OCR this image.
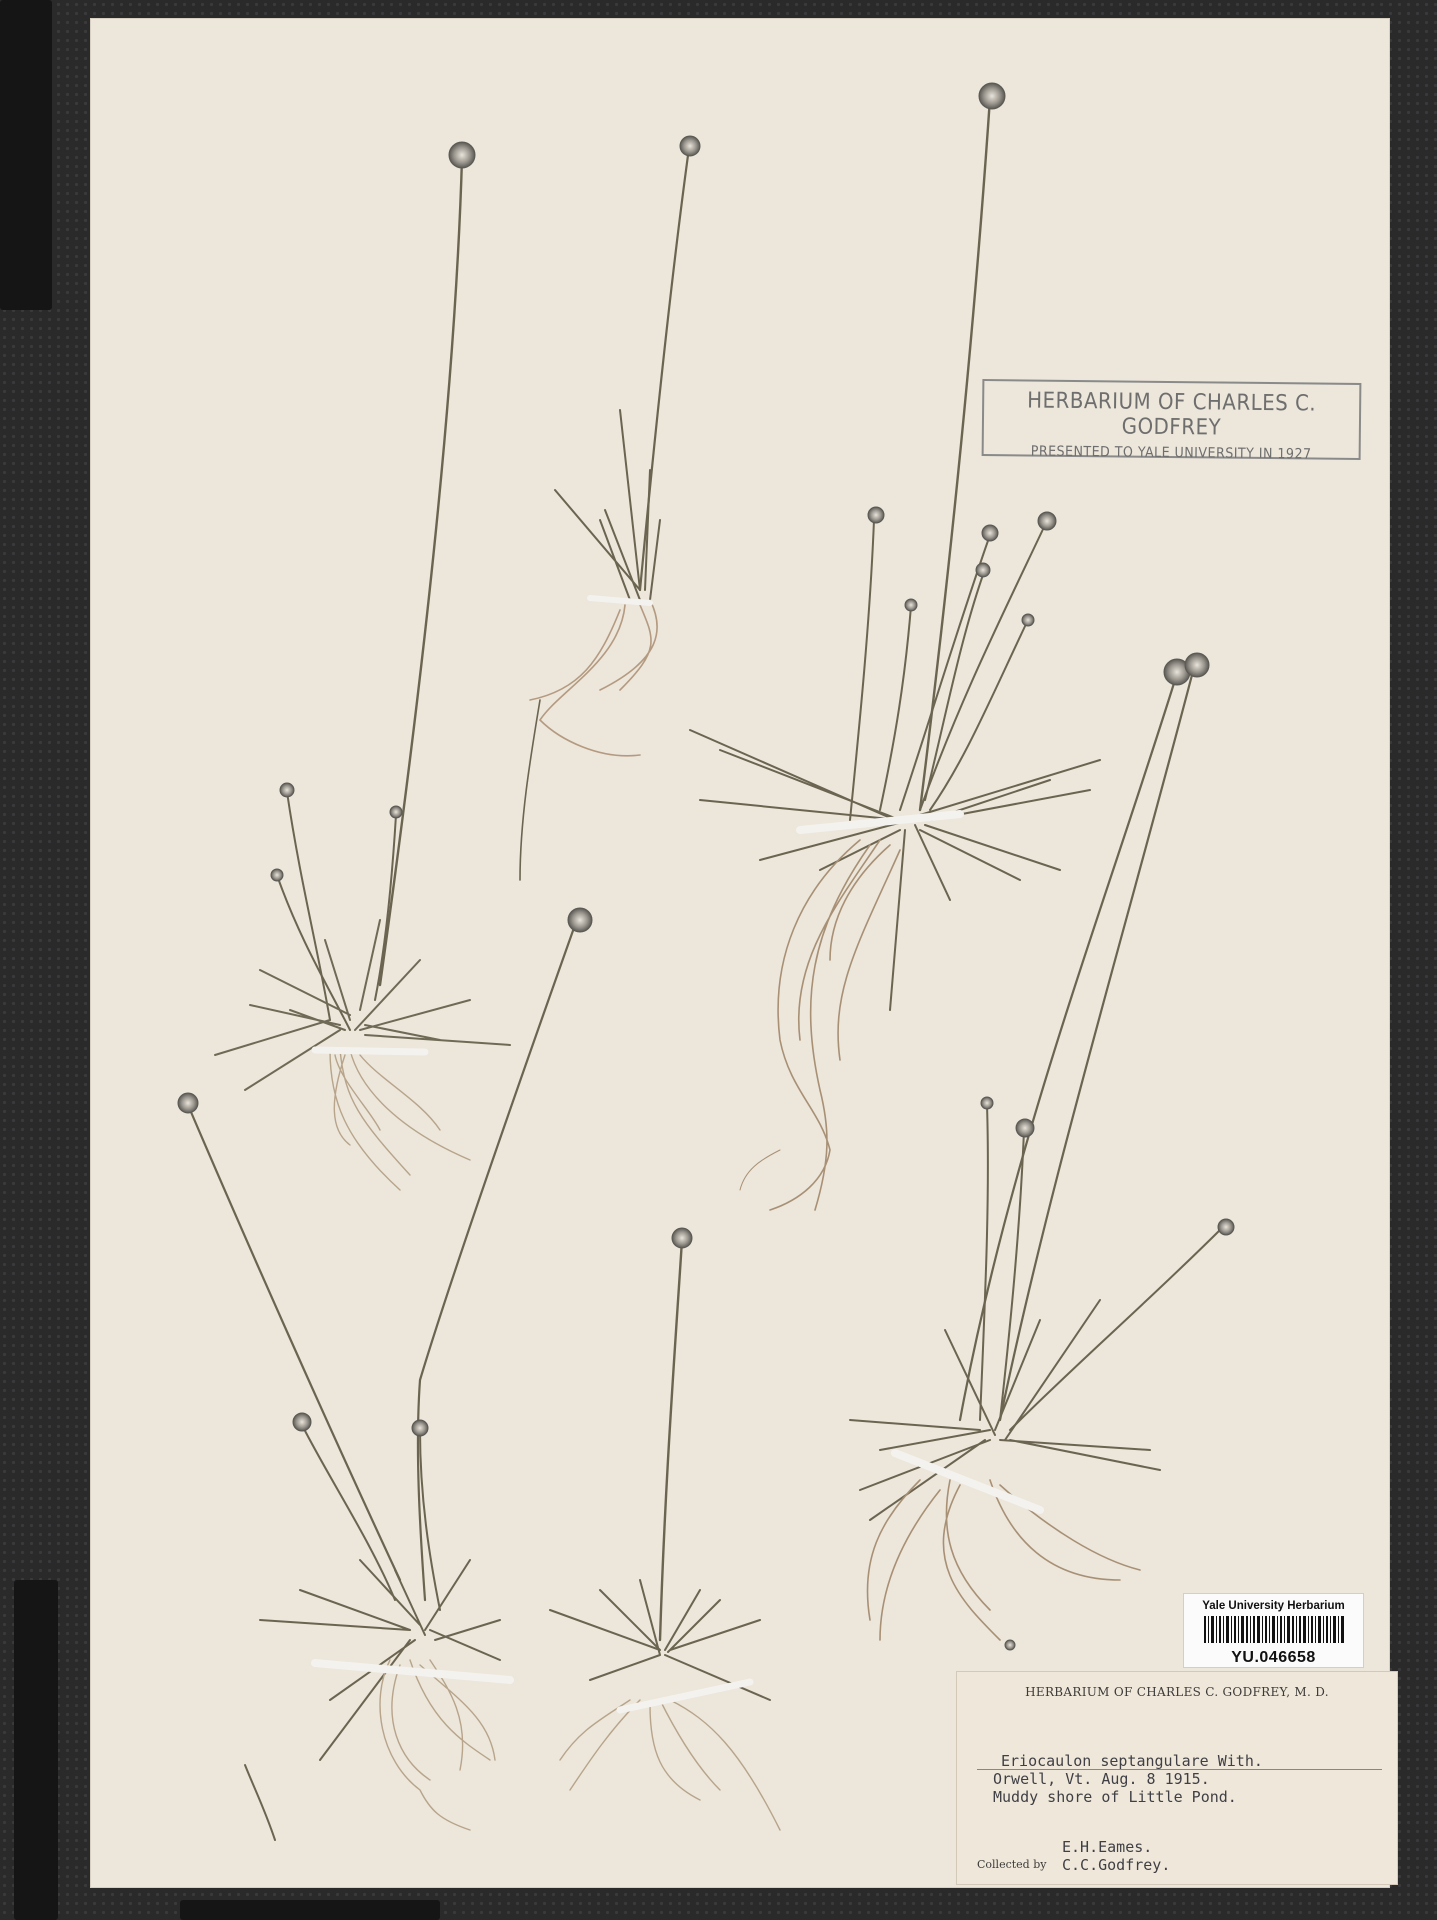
HERBARIUM OF CHARLES C. GODFREY
PRESENTED TO YALE UNIVERSITY IN 1927
Yale University Herbarium
YU.046658
HERBARIUM OF CHARLES C. GODFREY, M. D.
Eriocaulon septangulare With.
Orwell, Vt. Aug. 8 1915.
Muddy shore of Little Pond.
Collected by
E.H.Eames.
C.C.Godfrey.
